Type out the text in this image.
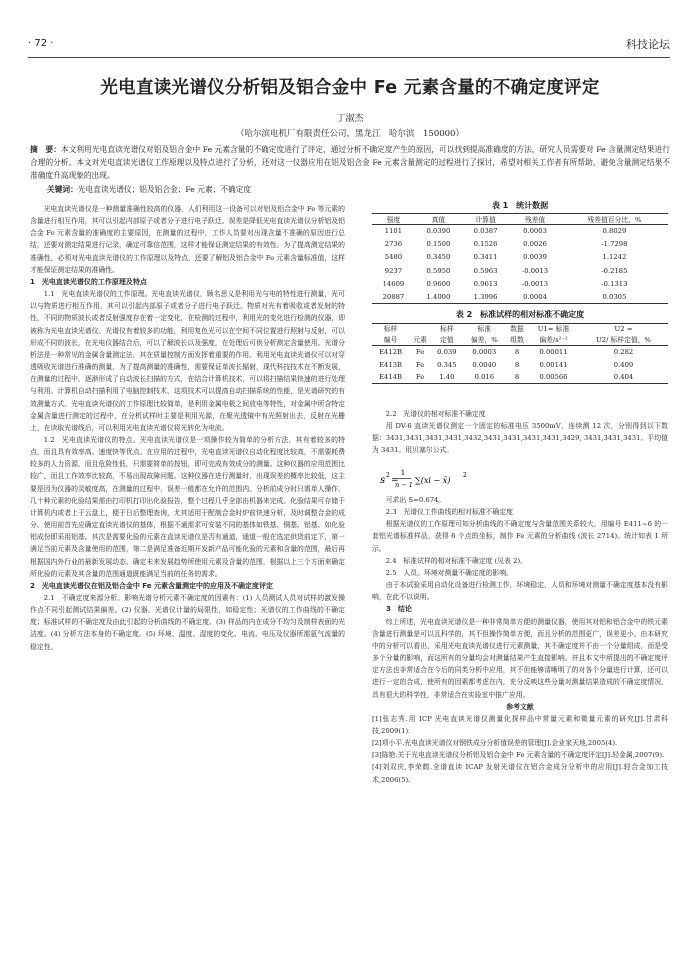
· 72 ·	科技论坛
光电直读光谱仪分析铝及铝合金中 Fe 元素含量的不确定度评定
丁淑杰
（哈尔滨电机厂有限责任公司，黑龙江　哈尔滨　150000）
摘　要：本文利用光电直读光谱仪对铝及铝合金中 Fe 元素含量的不确定度进行了评定，通过分析不确定度产生的原因，可以找到提高准确度的方法，研究人员需要对 Fe 含量测定结果进行合理的分析。本文对光电直读光谱仪工作原理以及特点进行了分析，还对这一仪器应用在铝及铝合金 Fe 元素含量测定的过程进行了探讨，希望对相关工作者有所帮助，避免含量测定结果不准确度升高现象的出现。
关键词：光电直读光谱仪；铝及铝合金；Fe 元素；不确定度

光电直读光谱仪是一种测量准确性较高的仪器，人们利用这一设备可以对铝及铝合金中 Fe 等元素的含量进行相互作用，其可以引起内部原子或者分子进行电子跃迁。误差是降低光电直读光谱仪分析铝及铝合金 Fe 元素含量的准确度的主要原因，在测量的过程中，工作人员要对出现含量不准确的原因进行总结，还要对测定结果进行记录，确定可靠信范围，这样才能保证测定结果的有效性。为了提高测定结果的准确性，必须对光电直读光谱仪的工作原理以及特点，还要了解铝及铝合金中 Fe 元素含量标准值，这样才能保证测定结果的准确性。

1　光电直读光谱仪的工作原理及特点

1.1　光电直读光谱仪的工作原理。光电直读光谱仪，顾名思义是利用光与电的特性进行测量，光可以与物质进行相互作用，其可以引起内部原子或者分子进行电子跃迁。物质对光有着吸收或者发射的特性，不同的物质波长或者反射强度存在着一定变化，在检测的过程中，利用光的变化进行检测的仪器，即被称为光电直读光谱仪。光谱仪有着较多的功能，利用复色光可以在空间不同位置进行照射与反射，可以形成不同的波长，在光电仪器结合后，可以了解波长以及强度，在处理后可供分析测定含量使用。光谱分析法是一种常见的金属含量测定法，其在质量控制方面发挥着重要的作用。利用光电直读光谱仪可以对穿透吸收光谱进行准确的测量，为了提高测量的准确性，需要保证单波长辐射，现代科技技术在不断发展，在测量的过程中，逐渐形成了自动波长扫描的方式，在结合计算机技术，可以将扫描结果快速的进行处理与利用。计算机自动扫描利用了电脑控制技术，这项技术可以提高自动扫描系统的性能，是光谱研究的有效测量方式。光电直读光谱仪的工作原理比较简单，是利用金属电极之间放电等特性，对金属中所含特定金属含量进行测定的过程中，在分析试样时主要是利用光源，在聚光透镜中有光照射出去，反射在光栅上，在读取光谱线后，可以利用光电直读光谱仪将光转化为电流。

1.2　光电直读光谱仪的特点。光电直读光谱仪是一项操作较为简单的分析方法，其有着较多的特点，而且具有效率高、速度快等优点。在应用的过程中，光电直读光谱仪自动化程度比较高，不需要耗费较多的人力资源，而且危险性低，只需要简单的按钮，即可完成有效成分的测量。这种仪器的应用范围比较广，而且工作效率比较高，不易出现故障问题。这种仪器在进行测量时，出现误差的概率比较低，这主要是因为仪器的灵敏度高，在测量的过程中，误差一般都在允许的范围内。分析前成分时只需单人操作，几十种元素的化验结果需由打印机打印出化验报告，整个过程几乎全部由机器来完成。化验结果可存储于计算机内或者上于云盘上，便于日后整理查询，尤其适用于配制合金时炉前快速分析，及时调整合金的成分。使用前首先应确定直读光谱仪的基体，根据不通需求可安装不同的基体如铁基、铜基、铝基、如化验铝成份即采用铝基。其次是需要化验的元素在直读光谱仪是否有通道，通道一般在选定供货前定下，第一满足当前元素及含量使用的范围，第二是满足准备近期开发新产品可能化验的元素和含量的范围，最后再根据国内外行业的最新发展动态、确定未来发展趋势所使用元素及含量的范围，根据以上三个方面来确定所化验的元素及其含量的范围通道既能满足当前的任务的需求。

2　光电直读光谱仪在铝及铝合金中 Fe 元素含量测定中的应用及不确定度评定

2.1　不确定度来源分析。影响光谱分析元素不确定度的因素有：(1) 人员测试人员对试样的激发操作点不同引起测试结果偏差。(2) 仪器，光谱仪计量的局限性，如稳定性；光谱仪的工作曲线的不确定度；标准试样的不确定度及由此引起的分析曲线的不确定度。(3) 样品的内在成分不均匀及制样表面的光洁度。(4) 分析方法本身的不确定度。(5) 环境、温度、湿度的变化、电流、电压及仪器所需氩气流量的稳定性。

表 1　统计数据
强度	真值	计算值	残差值	残差值百分比，%
1101	0.0390	0.0387	0.0003	0.8029
2736	0.1500	0.1526	0.0026	-1.7298
5480	0.3450	0.3411	0.0039	1.1242
9237	0.5950	0.5963	-0.0013	-0.2185
14609	0.9600	0.9613	-0.0013	-0.1313
20887	1.4000	1.3996	0.0004	0.0305
表 2　标准试样的相对标准不确定度
标样		标样	标准	数据	U1= 标准	U2 =
编号	元素	定值	偏差，%	组数	偏差/s²⁻²	U2/ 标样定值，%
E412B	Fe	0.039	0.0003	8	0.00011	0.282
E413B	Fe	0.345	0.0040	8	0.00141	0.409
E414B	Fe	1.40	0.016	8	0.00566	0.404

2.2　光谱仪的相对标准不确定度

用 DV-6 直读光谱仪测定一个固定的标准电压 3500mV，连续测 12 次，分别得到以下数据：3431,3431,3431,3431,3432,3431,3431,3431,3431,3429, 3431,3431,3431。平均值为 3431。用贝塞尔公式。

s 2
=
1
n − 1 ∑(xi − x̄)
2

可求出 S=0.674。

2.3　光谱仪工作曲线的相对标准不确定度

根据光谱仪的工作原理可知分析曲线的不确定度与含量范围关系较大，用编号 E411~6 的一套铝光谱标准样品，获得 6 个点的坐标，制作 Fe 元素的分析曲线 (波长 2714)。统计如表 1 所示。

2.4　标准试样的相对标准不确定度 (见表 2)。

2.5　人员、环境对测量不确定度的影响。

由于本试验采用自动化设备进行检测工作，环境稳定，人员和环境对测量不确定度基本没有影响，在此不以说明。

3　结论

综上所述，光电直读光谱仪是一种非常简单方便的测量仪器，使用其对铝和铝合金中的铁元素含量进行测量是可以且科学的，其不但操作简单方便，而且分析的范围更广，误差更小。由本研究中的分析可以看出，采用光电直读光谱仪进行元素测量，其不确定度并不由一个分量组成，而是受多个分量的影响，而这所有的分量均会对测量结果产生直接影响。并且本文中所提出的不确定度评定方法也非常适合在今后的同类分析中应用，其不但能够清晰明了的对各个分量进行计算，还可以进行一定的合成，使所有的因素都考虑在内，充分反映这些分量对测量结果造成的不确定度情况，具有很大的科学性，非常适合在实验室中推广应用。

参考文献

[1]张志秀.用 ICP 光电直读光谱仪测量化探样品中常量元素和微量元素的研究[J].甘肃科技,2009(1).

[2]项小平.光电直读光谱仪对钢铁成分分析值误差的管理[J].企业家天地,2005(4).

[3]陈艳.关于光电直读光谱仪分析铝及铝合金中 Fe 元素含量的不确定度评定[J].轻金属,2007(9).

[4]刘双庆,李荣鹤.全谱直读 ICAP 发射光谱仪在铝合金成分分析中的应用[J].轻合金加工技术,2006(5).
